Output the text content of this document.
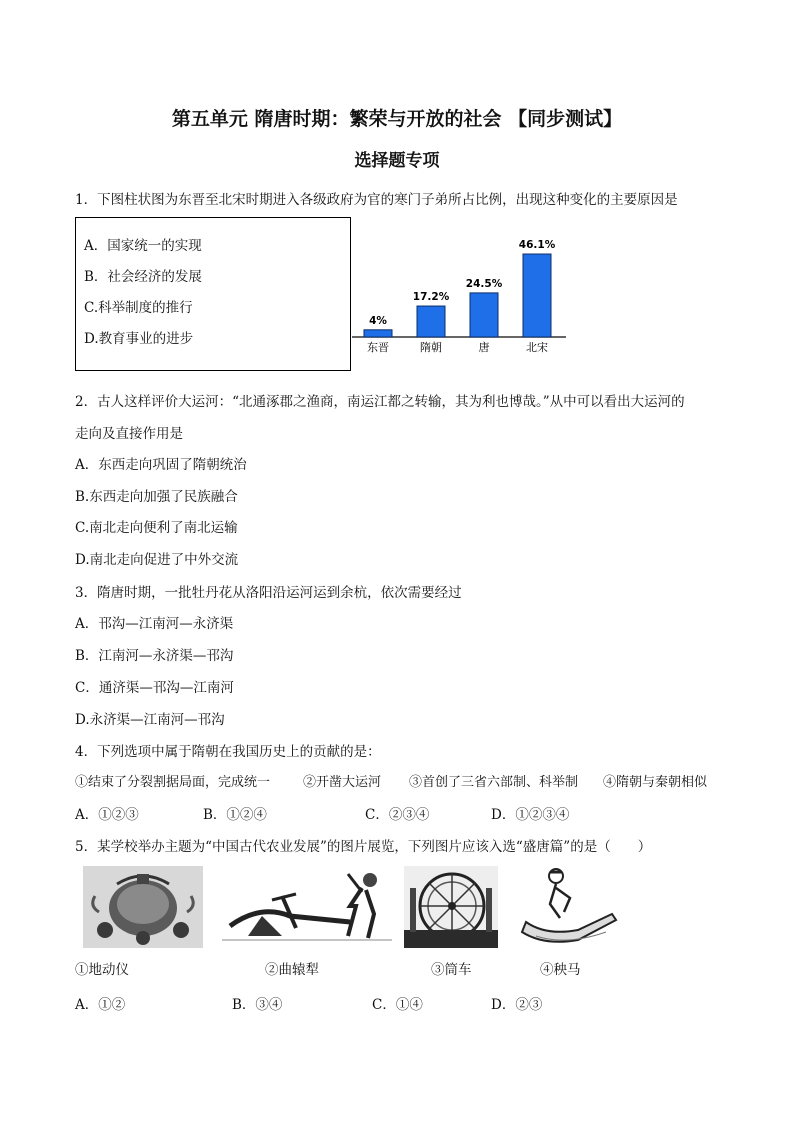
第五单元 隋唐时期：繁荣与开放的社会 【同步测试】
选择题专项
1．下图柱状图为东晋至北宋时期进入各级政府为官的寒门子弟所占比例，出现这种变化的主要原因是
A．国家统一的实现
B．社会经济的发展
C.科举制度的推行
D.教育事业的进步
4%
东晋
17.2%
隋朝
24.5%
唐
46.1%
北宋
2．古人这样评价大运河：“北通涿郡之渔商，南运江都之转输，其为利也博哉。”从中可以看出大运河的
走向及直接作用是
A．东西走向巩固了隋朝统治
B.东西走向加强了民族融合
C.南北走向便利了南北运输
D.南北走向促进了中外交流
3．隋唐时期，一批牡丹花从洛阳沿运河运到余杭，依次需要经过
A．邗沟—江南河—永济渠
B．江南河—永济渠—邗沟
C．通济渠—邗沟—江南河
D.永济渠—江南河—邗沟
4．下列选项中属于隋朝在我国历史上的贡献的是：
①结束了分裂割据局面，完成统一	②开凿大运河 ③首创了三省六部制、科举制 ④隋朝与秦朝相似
A．①②③	B．①②④	C．②③④	D．①②③④
5．某学校举办主题为“中国古代农业发展”的图片展览，下列图片应该入选“盛唐篇”的是（　　）
①地动仪	②曲辕犁	③筒车	④秧马
A．①②	B．③④	C．①④	D．②③
